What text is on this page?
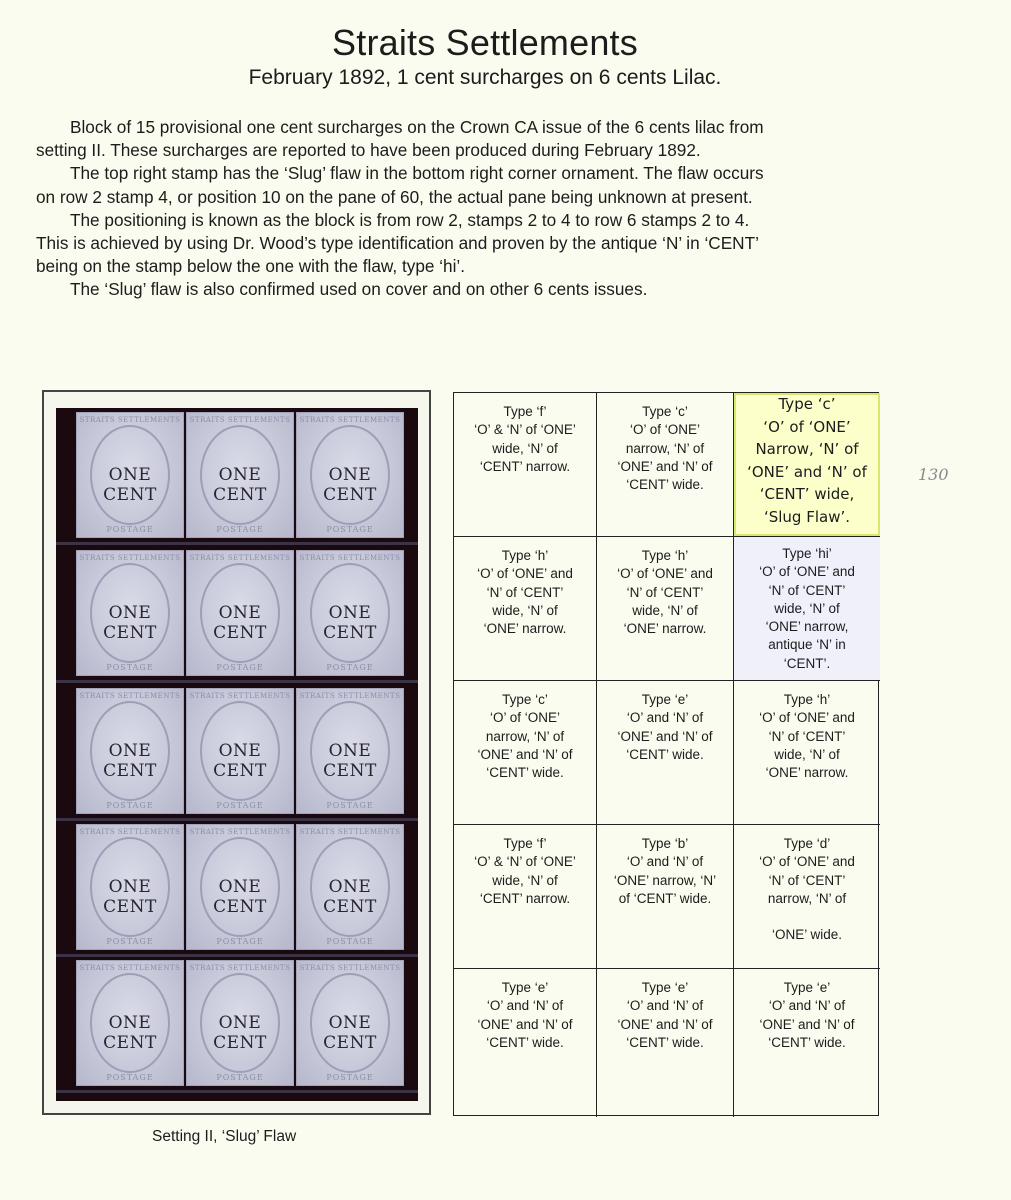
Straits Settlements
February 1892, 1 cent surcharges on 6 cents Lilac.
Block of 15 provisional one cent surcharges on the Crown CA issue of the 6 cents lilac from
setting II. These surcharges are reported to have been produced during February 1892.
The top right stamp has the ‘Slug’ flaw in the bottom right corner ornament. The flaw occurs
on row 2 stamp 4, or position 10 on the pane of 60, the actual pane being unknown at present.
The positioning is known as the block is from row 2, stamps 2 to 4 to row 6 stamps 2 to 4.
This is achieved by using Dr. Wood’s type identification and proven by the antique ‘N’ in ‘CENT’
being on the stamp below the one with the flaw, type ‘hi’.
The ‘Slug’ flaw is also confirmed used on cover and on other 6 cents issues.
STRAITS SETTLEMENTS
ONE
CENT
POSTAGE
STRAITS SETTLEMENTS
ONE
CENT
POSTAGE
STRAITS SETTLEMENTS
ONE
CENT
POSTAGE
STRAITS SETTLEMENTS
ONE
CENT
POSTAGE
STRAITS SETTLEMENTS
ONE
CENT
POSTAGE
STRAITS SETTLEMENTS
ONE
CENT
POSTAGE
STRAITS SETTLEMENTS
ONE
CENT
POSTAGE
STRAITS SETTLEMENTS
ONE
CENT
POSTAGE
STRAITS SETTLEMENTS
ONE
CENT
POSTAGE
STRAITS SETTLEMENTS
ONE
CENT
POSTAGE
STRAITS SETTLEMENTS
ONE
CENT
POSTAGE
STRAITS SETTLEMENTS
ONE
CENT
POSTAGE
STRAITS SETTLEMENTS
ONE
CENT
POSTAGE
STRAITS SETTLEMENTS
ONE
CENT
POSTAGE
STRAITS SETTLEMENTS
ONE
CENT
POSTAGE
Setting II, ‘Slug’ Flaw
Type ‘f’
‘O’ & ‘N’ of ‘ONE’
wide, ‘N’ of
‘CENT’ narrow.
Type ‘c’
‘O’ of ‘ONE’
narrow, ‘N’ of
‘ONE’ and ‘N’ of
‘CENT’ wide.
Type ‘c’
‘O’ of ‘ONE’
Narrow, ‘N’ of
‘ONE’ and ‘N’ of
‘CENT’ wide,
‘Slug Flaw’.
Type ‘h’
‘O’ of ‘ONE’ and
‘N’ of ‘CENT’
wide, ‘N’ of
‘ONE’ narrow.
Type ‘h’
‘O’ of ‘ONE’ and
‘N’ of ‘CENT’
wide, ‘N’ of
‘ONE’ narrow.
Type ‘hi’
‘O’ of ‘ONE’ and
‘N’ of ‘CENT’
wide, ‘N’ of
‘ONE’ narrow,
antique ‘N’ in
‘CENT’.
Type ‘c’
‘O’ of ‘ONE’
narrow, ‘N’ of
‘ONE’ and ‘N’ of
‘CENT’ wide.
Type ‘e’
‘O’ and ‘N’ of
‘ONE’ and ‘N’ of
‘CENT’ wide.
Type ‘h’
‘O’ of ‘ONE’ and
‘N’ of ‘CENT’
wide, ‘N’ of
‘ONE’ narrow.
Type ‘f’
‘O’ & ‘N’ of ‘ONE’
wide, ‘N’ of
‘CENT’ narrow.
Type ‘b’
‘O’ and ‘N’ of
‘ONE’ narrow, ‘N’
of ‘CENT’ wide.
Type ‘d’
‘O’ of ‘ONE’ and
‘N’ of ‘CENT’
narrow, ‘N’ of

‘ONE’ wide.
Type ‘e’
‘O’ and ‘N’ of
‘ONE’ and ‘N’ of
‘CENT’ wide.
Type ‘e’
‘O’ and ‘N’ of
‘ONE’ and ‘N’ of
‘CENT’ wide.
Type ‘e’
‘O’ and ‘N’ of
‘ONE’ and ‘N’ of
‘CENT’ wide.
130
